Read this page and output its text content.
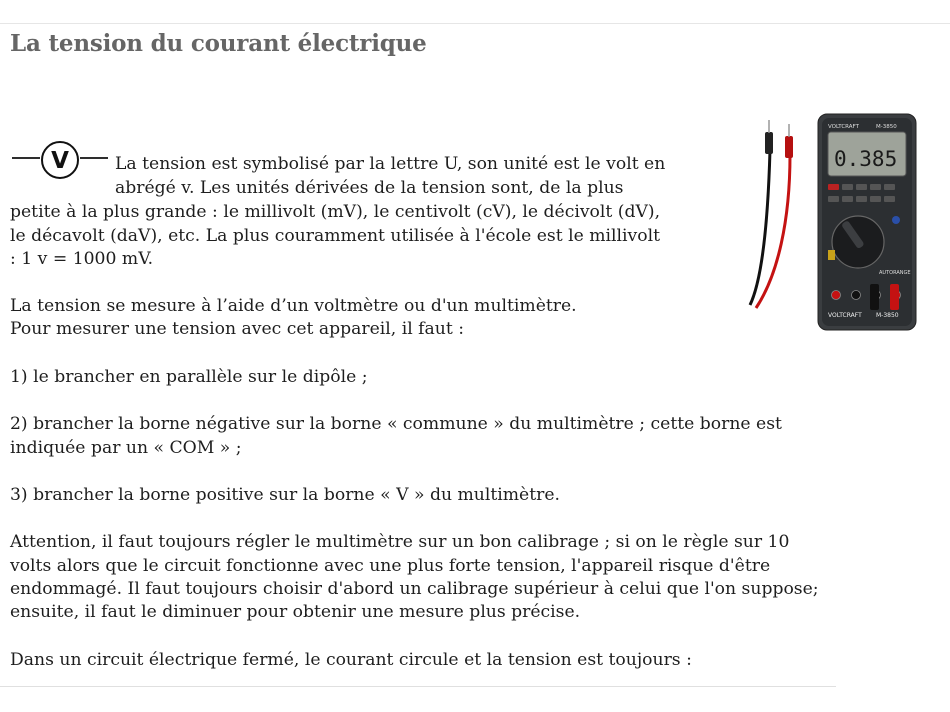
La tension du courant électrique
V	La tension est symbolisé par la lettre U, son unité est le volt en
abrégé v. Les unités dérivées de la tension sont, de la plus
petite à la plus grande : le millivolt (mV), le centivolt (cV), le décivolt (dV),
le décavolt (daV), etc. La plus couramment utilisée à l'école est le millivolt
: 1 v = 1000 mV.
La tension se mesure à l’aide d’un voltmètre ou d'un multimètre.
Pour mesurer une tension avec cet appareil, il faut :
1) le brancher en parallèle sur le dipôle ;
2) brancher la borne négative sur la borne « commune » du multimètre ; cette borne est
indiquée par un « COM » ;
3) brancher la borne positive sur la borne « V » du multimètre.
Attention, il faut toujours régler le multimètre sur un bon calibrage ; si on le règle sur 10
volts alors que le circuit fonctionne avec une plus forte tension, l'appareil risque d'être
endommagé. Il faut toujours choisir d'abord un calibrage supérieur à celui que l'on suppose;
ensuite, il faut le diminuer pour obtenir une mesure plus précise.
Dans un circuit électrique fermé, le courant circule et la tension est toujours :
VOLTCRAFT	M-3850
0.385
AUTORANGE
VOLTCRAFT M-3850
